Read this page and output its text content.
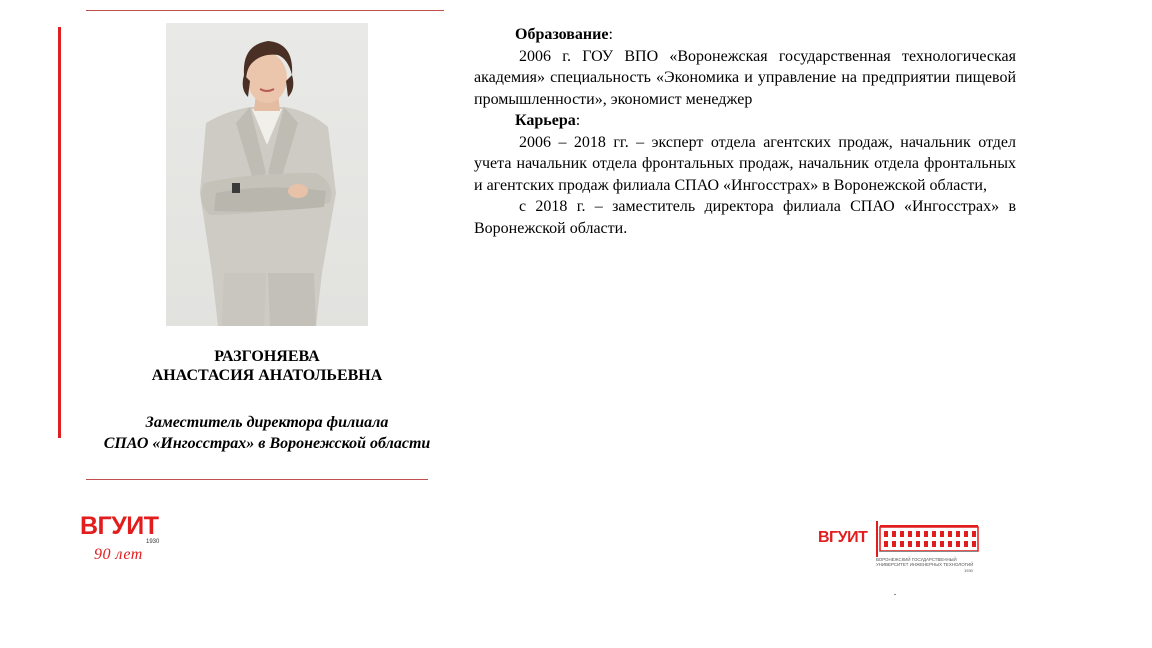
РАЗГОНЯЕВА
АНАСТАСИЯ АНАТОЛЬЕВНА
Заместитель директора филиала
СПАО «Ингосстрах» в Воронежской области
Образование:

2006 г. ГОУ ВПО «Воронежская государственная технологическая академия» специальность «Экономика и управление на предприятии пищевой промышленности», экономист менеджер

Карьера:

2006 – 2018 гг. – эксперт отдела агентских продаж, начальник отдел учета начальник отдела фронтальных продаж, начальник отдела фронтальных и агентских продаж филиала СПАО «Ингосстрах» в Воронежской области,

с 2018 г. – заместитель директора филиала СПАО «Ингосстрах» в Воронежской области.

ВГУИТ
1930
90 лет
ВГУИТ
ВОРОНЕЖСКИЙ ГОСУДАРСТВЕННЫЙ УНИВЕРСИТЕТ ИНЖЕНЕРНЫХ ТЕХНОЛОГИЙ
1930
